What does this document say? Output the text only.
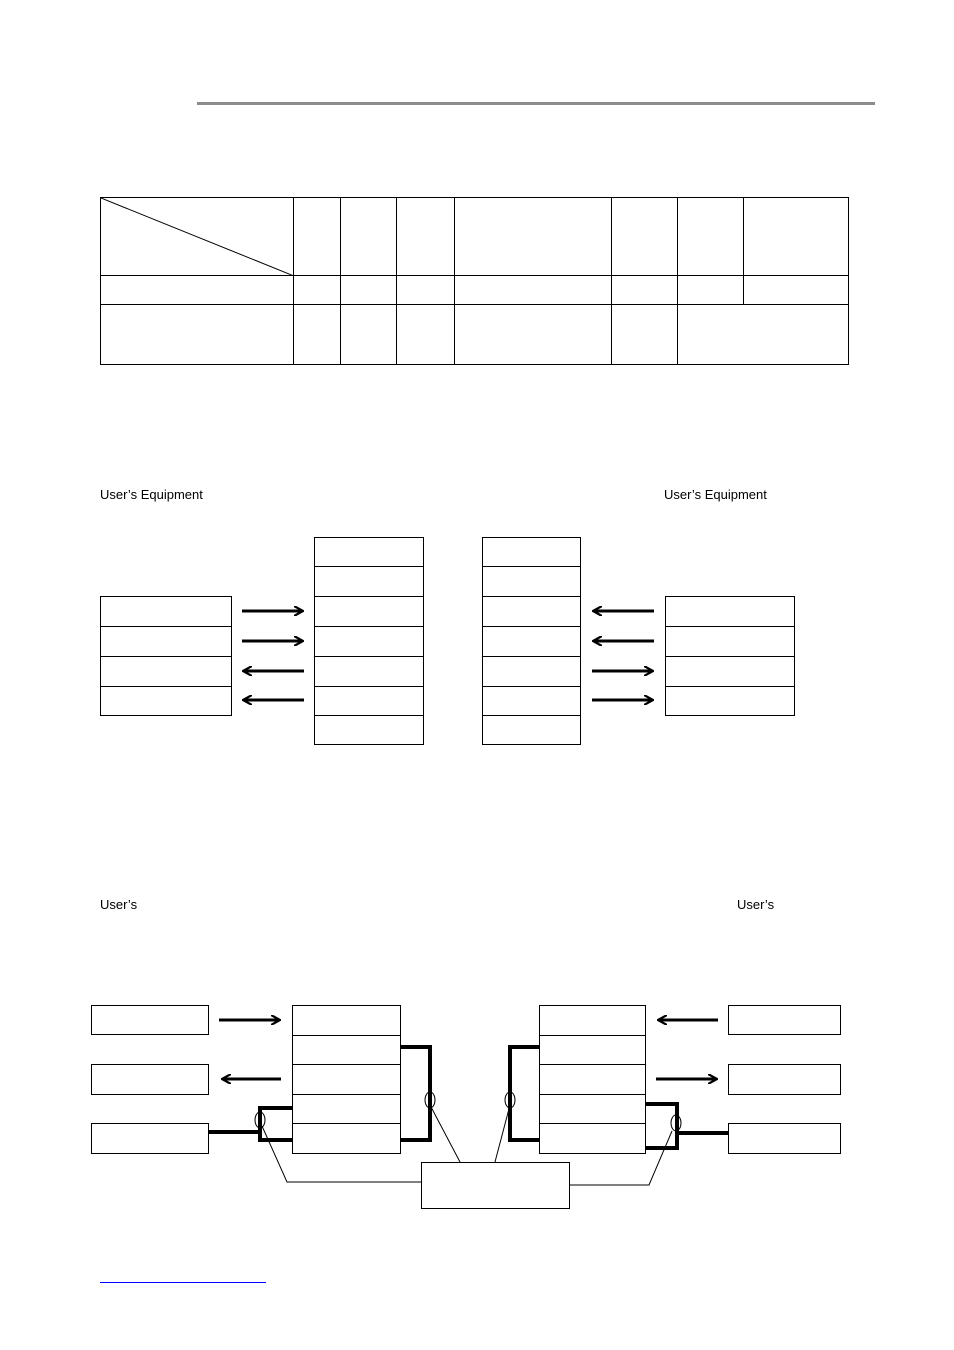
User’s Equipment	User’s Equipment
User’s	User’s
